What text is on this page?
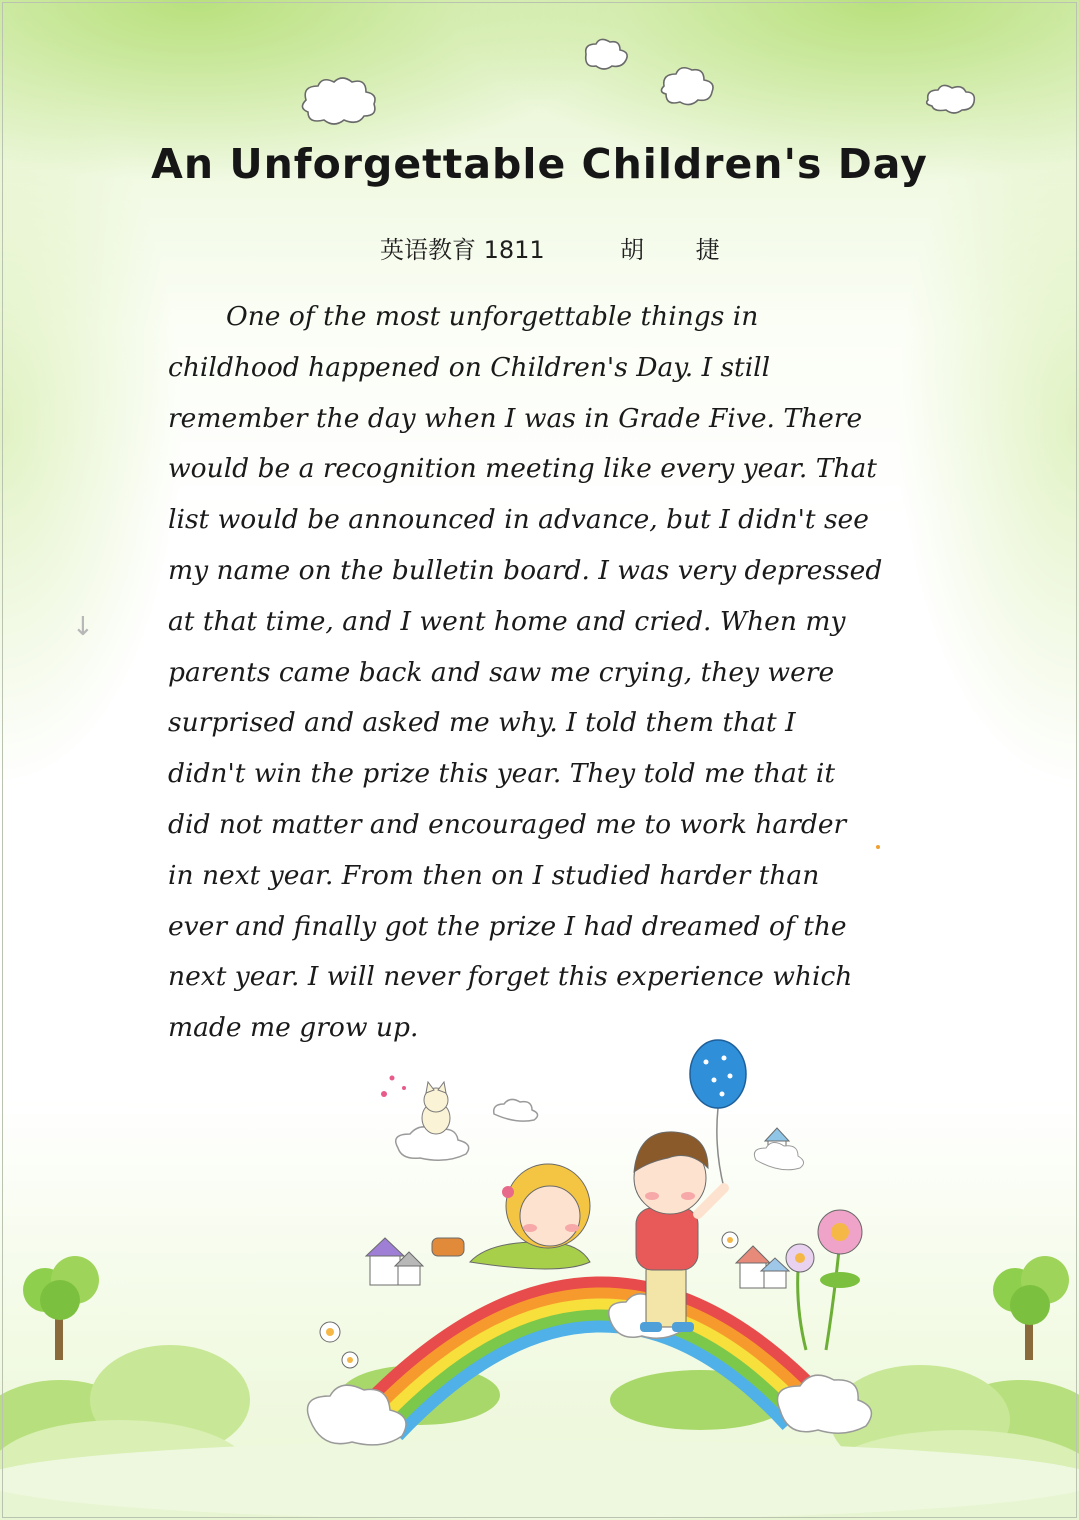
An Unforgettable Children's Day
英语教育 1811	胡 捷
↓
One of the most unforgettable things in
childhood happened on Children's Day. I still
remember the day when I was in Grade Five. There
would be a recognition meeting like every year. That
list would be announced in advance, but I didn't see
my name on the bulletin board. I was very depressed
at that time, and I went home and cried. When my
parents came back and saw me crying, they were
surprised and asked me why. I told them that I
didn't win the prize this year. They told me that it
did not matter and encouraged me to work harder
in next year. From then on I studied harder than
ever and finally got the prize I had dreamed of the
next year. I will never forget this experience which
made me grow up.
